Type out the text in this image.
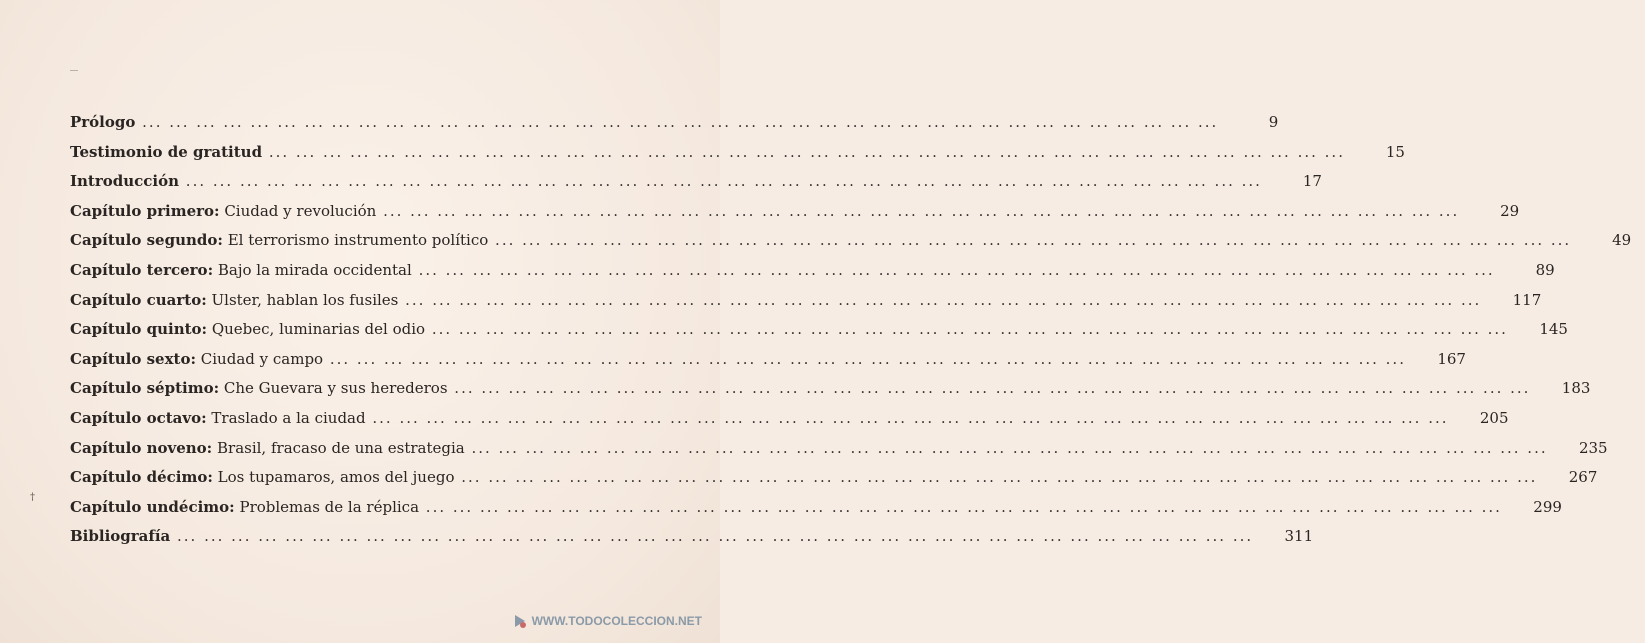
Prólogo ... ... ... ... ... ... ... ... ... ... ... ... ... ... ... ... ... ... ... ... ... ... ... ... ... ... ... ... ... ... ... ... ... ... ... ... ... ... ... ...	9
Testimonio de gratitud ... ... ... ... ... ... ... ... ... ... ... ... ... ... ... ... ... ... ... ... ... ... ... ... ... ... ... ... ... ... ... ... ... ... ... ... ... ... ... ...	15
Introducción ... ... ... ... ... ... ... ... ... ... ... ... ... ... ... ... ... ... ... ... ... ... ... ... ... ... ... ... ... ... ... ... ... ... ... ... ... ... ... ...	17
Capítulo primero: Ciudad y revolución ... ... ... ... ... ... ... ... ... ... ... ... ... ... ... ... ... ... ... ... ... ... ... ... ... ... ... ... ... ... ... ... ... ... ... ... ... ... ... ...	29
Capítulo segundo: El terrorismo instrumento político ... ... ... ... ... ... ... ... ... ... ... ... ... ... ... ... ... ... ... ... ... ... ... ... ... ... ... ... ... ... ... ... ... ... ... ... ... ... ... ...	49
Capítulo tercero: Bajo la mirada occidental ... ... ... ... ... ... ... ... ... ... ... ... ... ... ... ... ... ... ... ... ... ... ... ... ... ... ... ... ... ... ... ... ... ... ... ... ... ... ... ...	89
Capítulo cuarto: Ulster, hablan los fusiles ... ... ... ... ... ... ... ... ... ... ... ... ... ... ... ... ... ... ... ... ... ... ... ... ... ... ... ... ... ... ... ... ... ... ... ... ... ... ... ...	117
Capítulo quinto: Quebec, luminarias del odio ... ... ... ... ... ... ... ... ... ... ... ... ... ... ... ... ... ... ... ... ... ... ... ... ... ... ... ... ... ... ... ... ... ... ... ... ... ... ... ...	145
Capítulo sexto: Ciudad y campo ... ... ... ... ... ... ... ... ... ... ... ... ... ... ... ... ... ... ... ... ... ... ... ... ... ... ... ... ... ... ... ... ... ... ... ... ... ... ... ...	167
Capítulo séptimo: Che Guevara y sus herederos ... ... ... ... ... ... ... ... ... ... ... ... ... ... ... ... ... ... ... ... ... ... ... ... ... ... ... ... ... ... ... ... ... ... ... ... ... ... ... ...	183
Capítulo octavo: Traslado a la ciudad ... ... ... ... ... ... ... ... ... ... ... ... ... ... ... ... ... ... ... ... ... ... ... ... ... ... ... ... ... ... ... ... ... ... ... ... ... ... ... ...	205
Capítulo noveno: Brasil, fracaso de una estrategia ... ... ... ... ... ... ... ... ... ... ... ... ... ... ... ... ... ... ... ... ... ... ... ... ... ... ... ... ... ... ... ... ... ... ... ... ... ... ... ...	235
Capítulo décimo: Los tupamaros, amos del juego ... ... ... ... ... ... ... ... ... ... ... ... ... ... ... ... ... ... ... ... ... ... ... ... ... ... ... ... ... ... ... ... ... ... ... ... ... ... ... ...	267
Capítulo undécimo: Problemas de la réplica ... ... ... ... ... ... ... ... ... ... ... ... ... ... ... ... ... ... ... ... ... ... ... ... ... ... ... ... ... ... ... ... ... ... ... ... ... ... ... ...	299
Bibliografía ... ... ... ... ... ... ... ... ... ... ... ... ... ... ... ... ... ... ... ... ... ... ... ... ... ... ... ... ... ... ... ... ... ... ... ... ... ... ... ...	311
†
WWW.TODOCOLECCION.NET
